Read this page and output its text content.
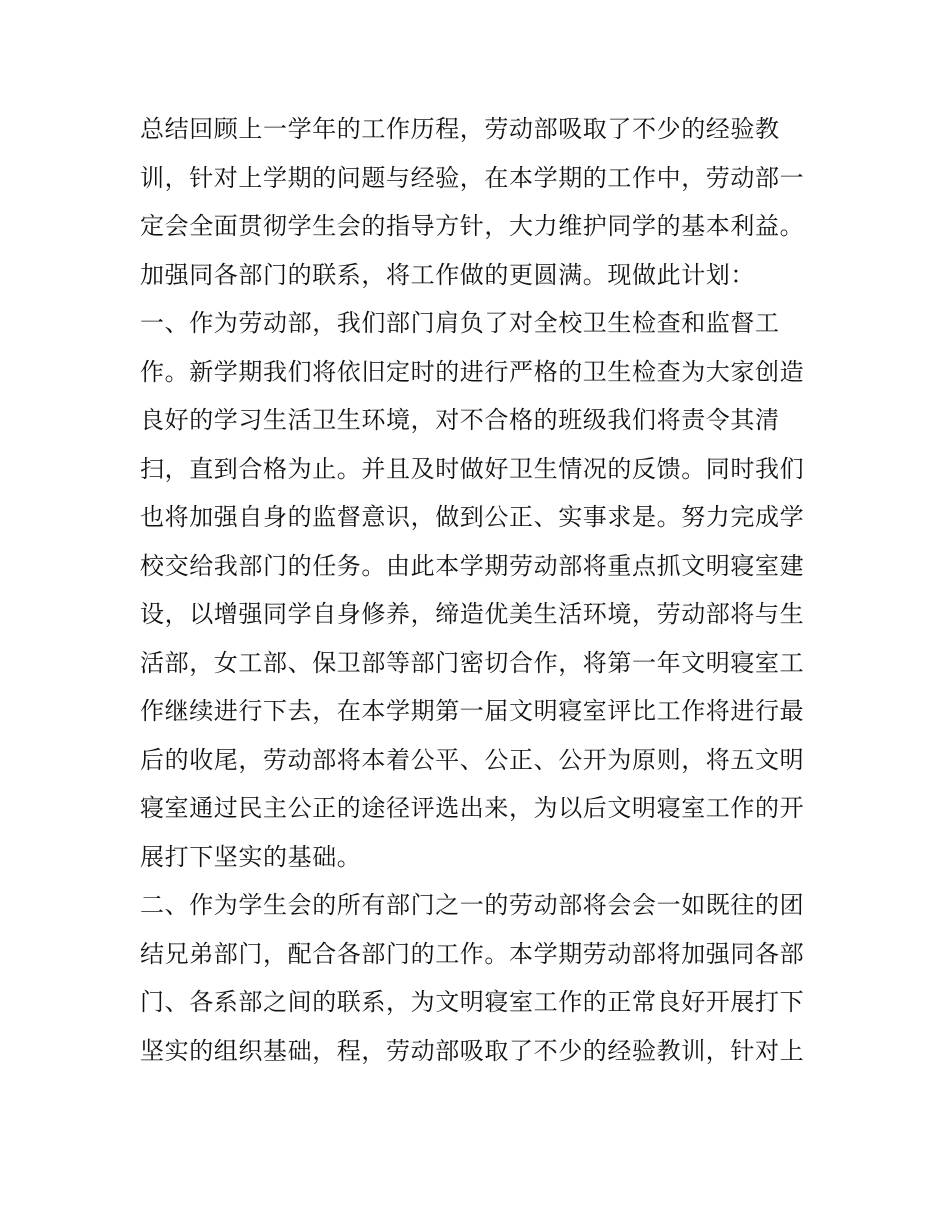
总结回顾上一学年的工作历程，劳动部吸取了不少的经验教
训，针对上学期的问题与经验，在本学期的工作中，劳动部一
定会全面贯彻学生会的指导方针，大力维护同学的基本利益。
加强同各部门的联系，将工作做的更圆满。现做此计划：
一、作为劳动部，我们部门肩负了对全校卫生检查和监督工
作。新学期我们将依旧定时的进行严格的卫生检查为大家创造
良好的学习生活卫生环境，对不合格的班级我们将责令其清
扫，直到合格为止。并且及时做好卫生情况的反馈。同时我们
也将加强自身的监督意识，做到公正、实事求是。努力完成学
校交给我部门的任务。由此本学期劳动部将重点抓文明寝室建
设，以增强同学自身修养，缔造优美生活环境，劳动部将与生
活部，女工部、保卫部等部门密切合作，将第一年文明寝室工
作继续进行下去，在本学期第一届文明寝室评比工作将进行最
后的收尾，劳动部将本着公平、公正、公开为原则，将五文明
寝室通过民主公正的途径评选出来，为以后文明寝室工作的开
展打下坚实的基础。
二、作为学生会的所有部门之一的劳动部将会会一如既往的团
结兄弟部门，配合各部门的工作。本学期劳动部将加强同各部
门、各系部之间的联系，为文明寝室工作的正常良好开展打下
坚实的组织基础，程，劳动部吸取了不少的经验教训，针对上
